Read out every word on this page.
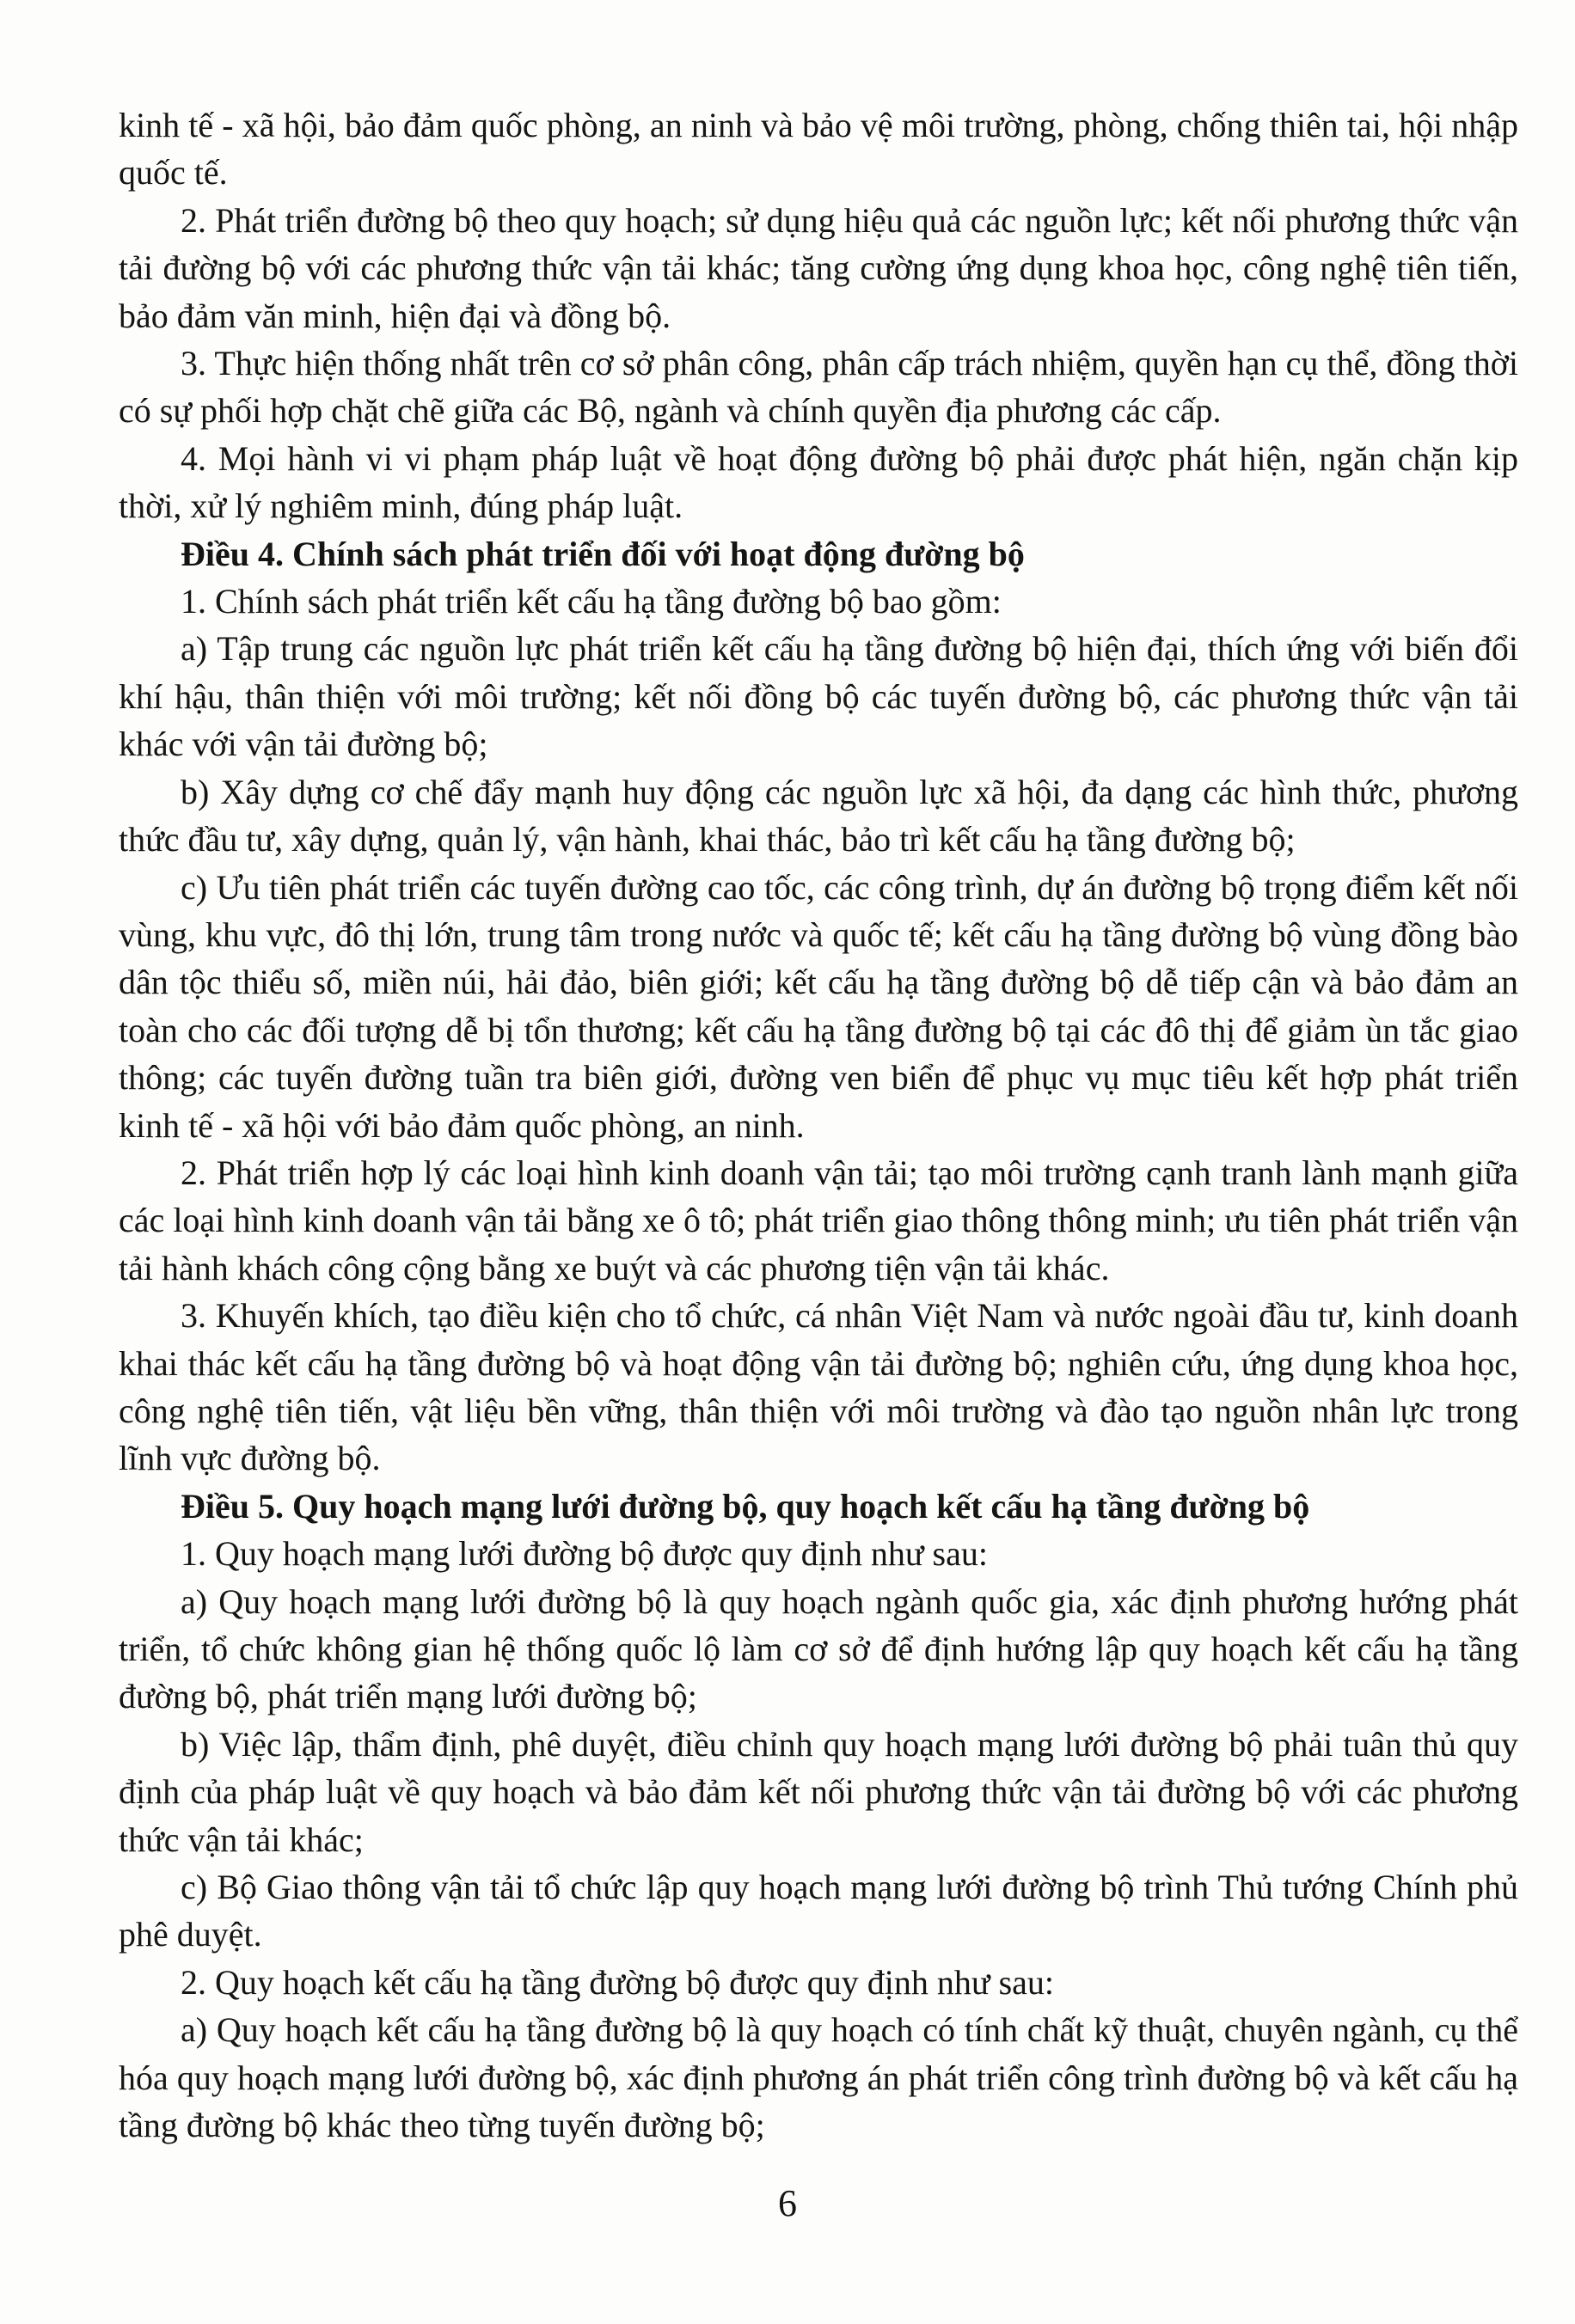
kinh tế - xã hội, bảo đảm quốc phòng, an ninh và bảo vệ môi trường, phòng, chống thiên tai, hội nhập quốc tế.

2. Phát triển đường bộ theo quy hoạch; sử dụng hiệu quả các nguồn lực; kết nối phương thức vận tải đường bộ với các phương thức vận tải khác; tăng cường ứng dụng khoa học, công nghệ tiên tiến, bảo đảm văn minh, hiện đại và đồng bộ.

3. Thực hiện thống nhất trên cơ sở phân công, phân cấp trách nhiệm, quyền hạn cụ thể, đồng thời có sự phối hợp chặt chẽ giữa các Bộ, ngành và chính quyền địa phương các cấp.

4. Mọi hành vi vi phạm pháp luật về hoạt động đường bộ phải được phát hiện, ngăn chặn kịp thời, xử lý nghiêm minh, đúng pháp luật.

Điều 4. Chính sách phát triển đối với hoạt động đường bộ

1. Chính sách phát triển kết cấu hạ tầng đường bộ bao gồm:

a) Tập trung các nguồn lực phát triển kết cấu hạ tầng đường bộ hiện đại, thích ứng với biến đổi khí hậu, thân thiện với môi trường; kết nối đồng bộ các tuyến đường bộ, các phương thức vận tải khác với vận tải đường bộ;

b) Xây dựng cơ chế đẩy mạnh huy động các nguồn lực xã hội, đa dạng các hình thức, phương thức đầu tư, xây dựng, quản lý, vận hành, khai thác, bảo trì kết cấu hạ tầng đường bộ;

c) Ưu tiên phát triển các tuyến đường cao tốc, các công trình, dự án đường bộ trọng điểm kết nối vùng, khu vực, đô thị lớn, trung tâm trong nước và quốc tế; kết cấu hạ tầng đường bộ vùng đồng bào dân tộc thiểu số, miền núi, hải đảo, biên giới; kết cấu hạ tầng đường bộ dễ tiếp cận và bảo đảm an toàn cho các đối tượng dễ bị tổn thương; kết cấu hạ tầng đường bộ tại các đô thị để giảm ùn tắc giao thông; các tuyến đường tuần tra biên giới, đường ven biển để phục vụ mục tiêu kết hợp phát triển kinh tế - xã hội với bảo đảm quốc phòng, an ninh.

2. Phát triển hợp lý các loại hình kinh doanh vận tải; tạo môi trường cạnh tranh lành mạnh giữa các loại hình kinh doanh vận tải bằng xe ô tô; phát triển giao thông thông minh; ưu tiên phát triển vận tải hành khách công cộng bằng xe buýt và các phương tiện vận tải khác.

3. Khuyến khích, tạo điều kiện cho tổ chức, cá nhân Việt Nam và nước ngoài đầu tư, kinh doanh khai thác kết cấu hạ tầng đường bộ và hoạt động vận tải đường bộ; nghiên cứu, ứng dụng khoa học, công nghệ tiên tiến, vật liệu bền vững, thân thiện với môi trường và đào tạo nguồn nhân lực trong lĩnh vực đường bộ.

Điều 5. Quy hoạch mạng lưới đường bộ, quy hoạch kết cấu hạ tầng đường bộ

1. Quy hoạch mạng lưới đường bộ được quy định như sau:

a) Quy hoạch mạng lưới đường bộ là quy hoạch ngành quốc gia, xác định phương hướng phát triển, tổ chức không gian hệ thống quốc lộ làm cơ sở để định hướng lập quy hoạch kết cấu hạ tầng đường bộ, phát triển mạng lưới đường bộ;

b) Việc lập, thẩm định, phê duyệt, điều chỉnh quy hoạch mạng lưới đường bộ phải tuân thủ quy định của pháp luật về quy hoạch và bảo đảm kết nối phương thức vận tải đường bộ với các phương thức vận tải khác;

c) Bộ Giao thông vận tải tổ chức lập quy hoạch mạng lưới đường bộ trình Thủ tướng Chính phủ phê duyệt.

2. Quy hoạch kết cấu hạ tầng đường bộ được quy định như sau:

a) Quy hoạch kết cấu hạ tầng đường bộ là quy hoạch có tính chất kỹ thuật, chuyên ngành, cụ thể hóa quy hoạch mạng lưới đường bộ, xác định phương án phát triển công trình đường bộ và kết cấu hạ tầng đường bộ khác theo từng tuyến đường bộ;

6
